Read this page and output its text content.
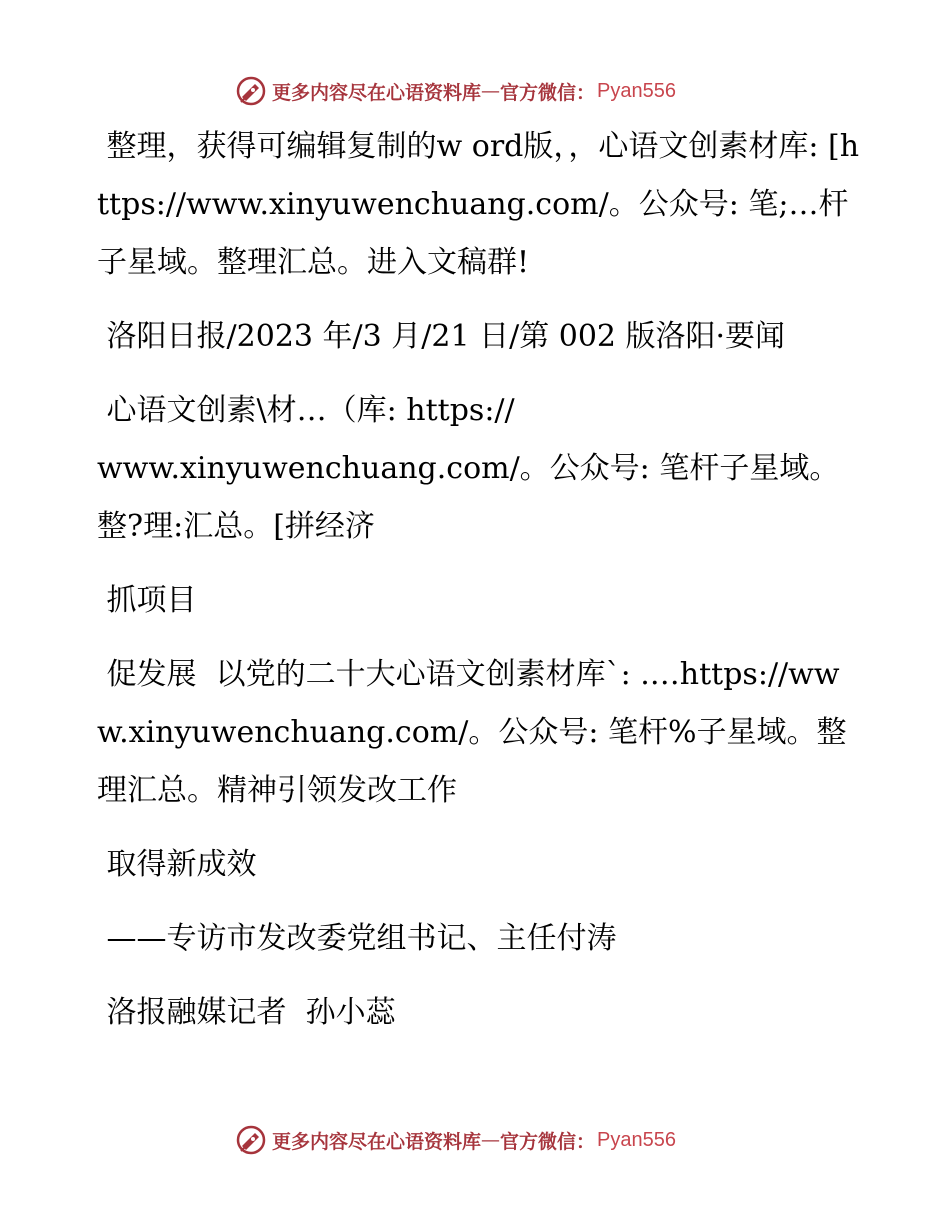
更多内容尽在心语资料库 — 官方微信： Pyan556

整理，获得可编辑复制的w ord版，，心语文创素材库: [https://www.xinyuwenchuang.com/。公众号: 笔;…杆子星域。整理汇总。进入文稿群!

洛阳日报/2023 年/3 月/21 日/第 002 版洛阳·要闻

心语文创素\材…（库: https://
www.xinyuwenchuang.com/。公众号: 笔杆子星域。整?理:汇总。[拼经济

抓项目

促发展  以党的二十大心语文创素材库`: .…https://www.xinyuwenchuang.com/。公众号: 笔杆%子星域。整理汇总。精神引领发改工作

取得新成效

——专访市发改委党组书记、主任付涛

洛报融媒记者  孙小蕊

更多内容尽在心语资料库 — 官方微信： Pyan556
